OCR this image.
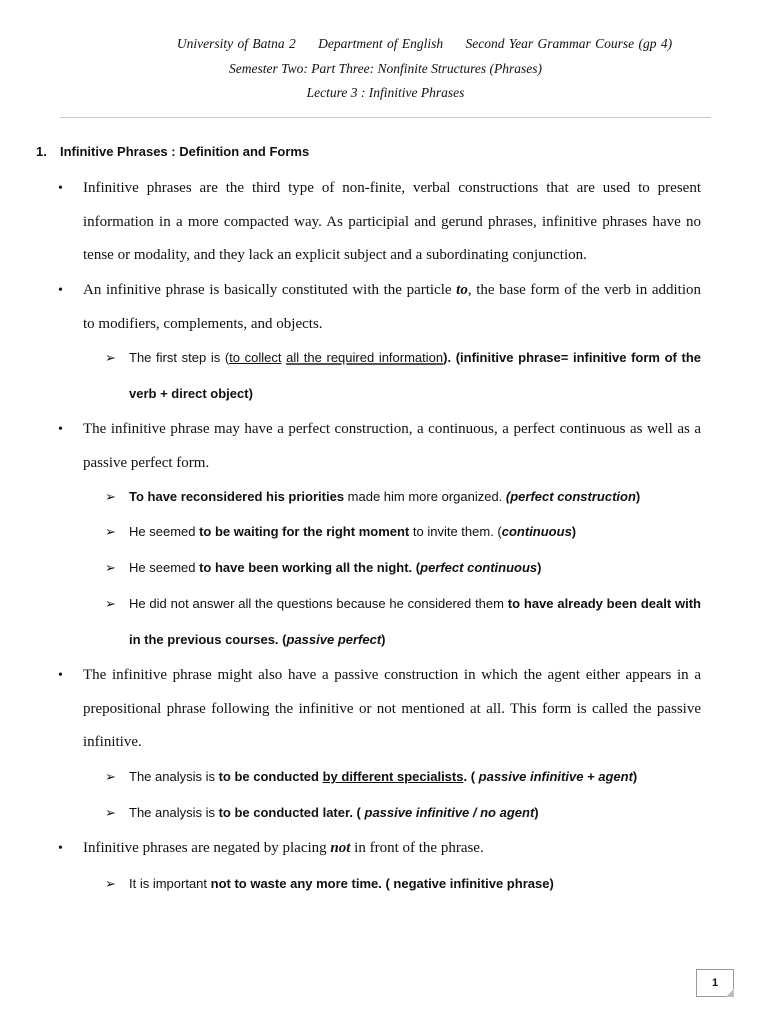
University of Batna 2 Department of English Second Year Grammar Course (gp 4)
Semester Two: Part Three: Nonfinite Structures (Phrases)
Lecture 3 : Infinitive Phrases
1. Infinitive Phrases : Definition and Forms
• Infinitive phrases are the third type of non-finite, verbal constructions that are used to present information in a more compacted way. As participial and gerund phrases, infinitive phrases have no tense or modality, and they lack an explicit subject and a subordinating conjunction.
• An infinitive phrase is basically constituted with the particle to, the base form of the verb in addition to modifiers, complements, and objects.
➢ The first step is (to collect all the required information). (infinitive phrase= infinitive form of the verb + direct object)
• The infinitive phrase may have a perfect construction, a continuous, a perfect continuous as well as a passive perfect form.
➢ To have reconsidered his priorities made him more organized. (perfect construction)
➢ He seemed to be waiting for the right moment to invite them. (continuous)
➢ He seemed to have been working all the night. (perfect continuous)
➢ He did not answer all the questions because he considered them to have already been dealt with in the previous courses. (passive perfect)
• The infinitive phrase might also have a passive construction in which the agent either appears in a prepositional phrase following the infinitive or not mentioned at all. This form is called the passive infinitive.
➢ The analysis is to be conducted by different specialists. ( passive infinitive + agent)
➢ The analysis is to be conducted later. ( passive infinitive / no agent)
• Infinitive phrases are negated by placing not in front of the phrase.
➢ It is important not to waste any more time. ( negative infinitive phrase)
1
